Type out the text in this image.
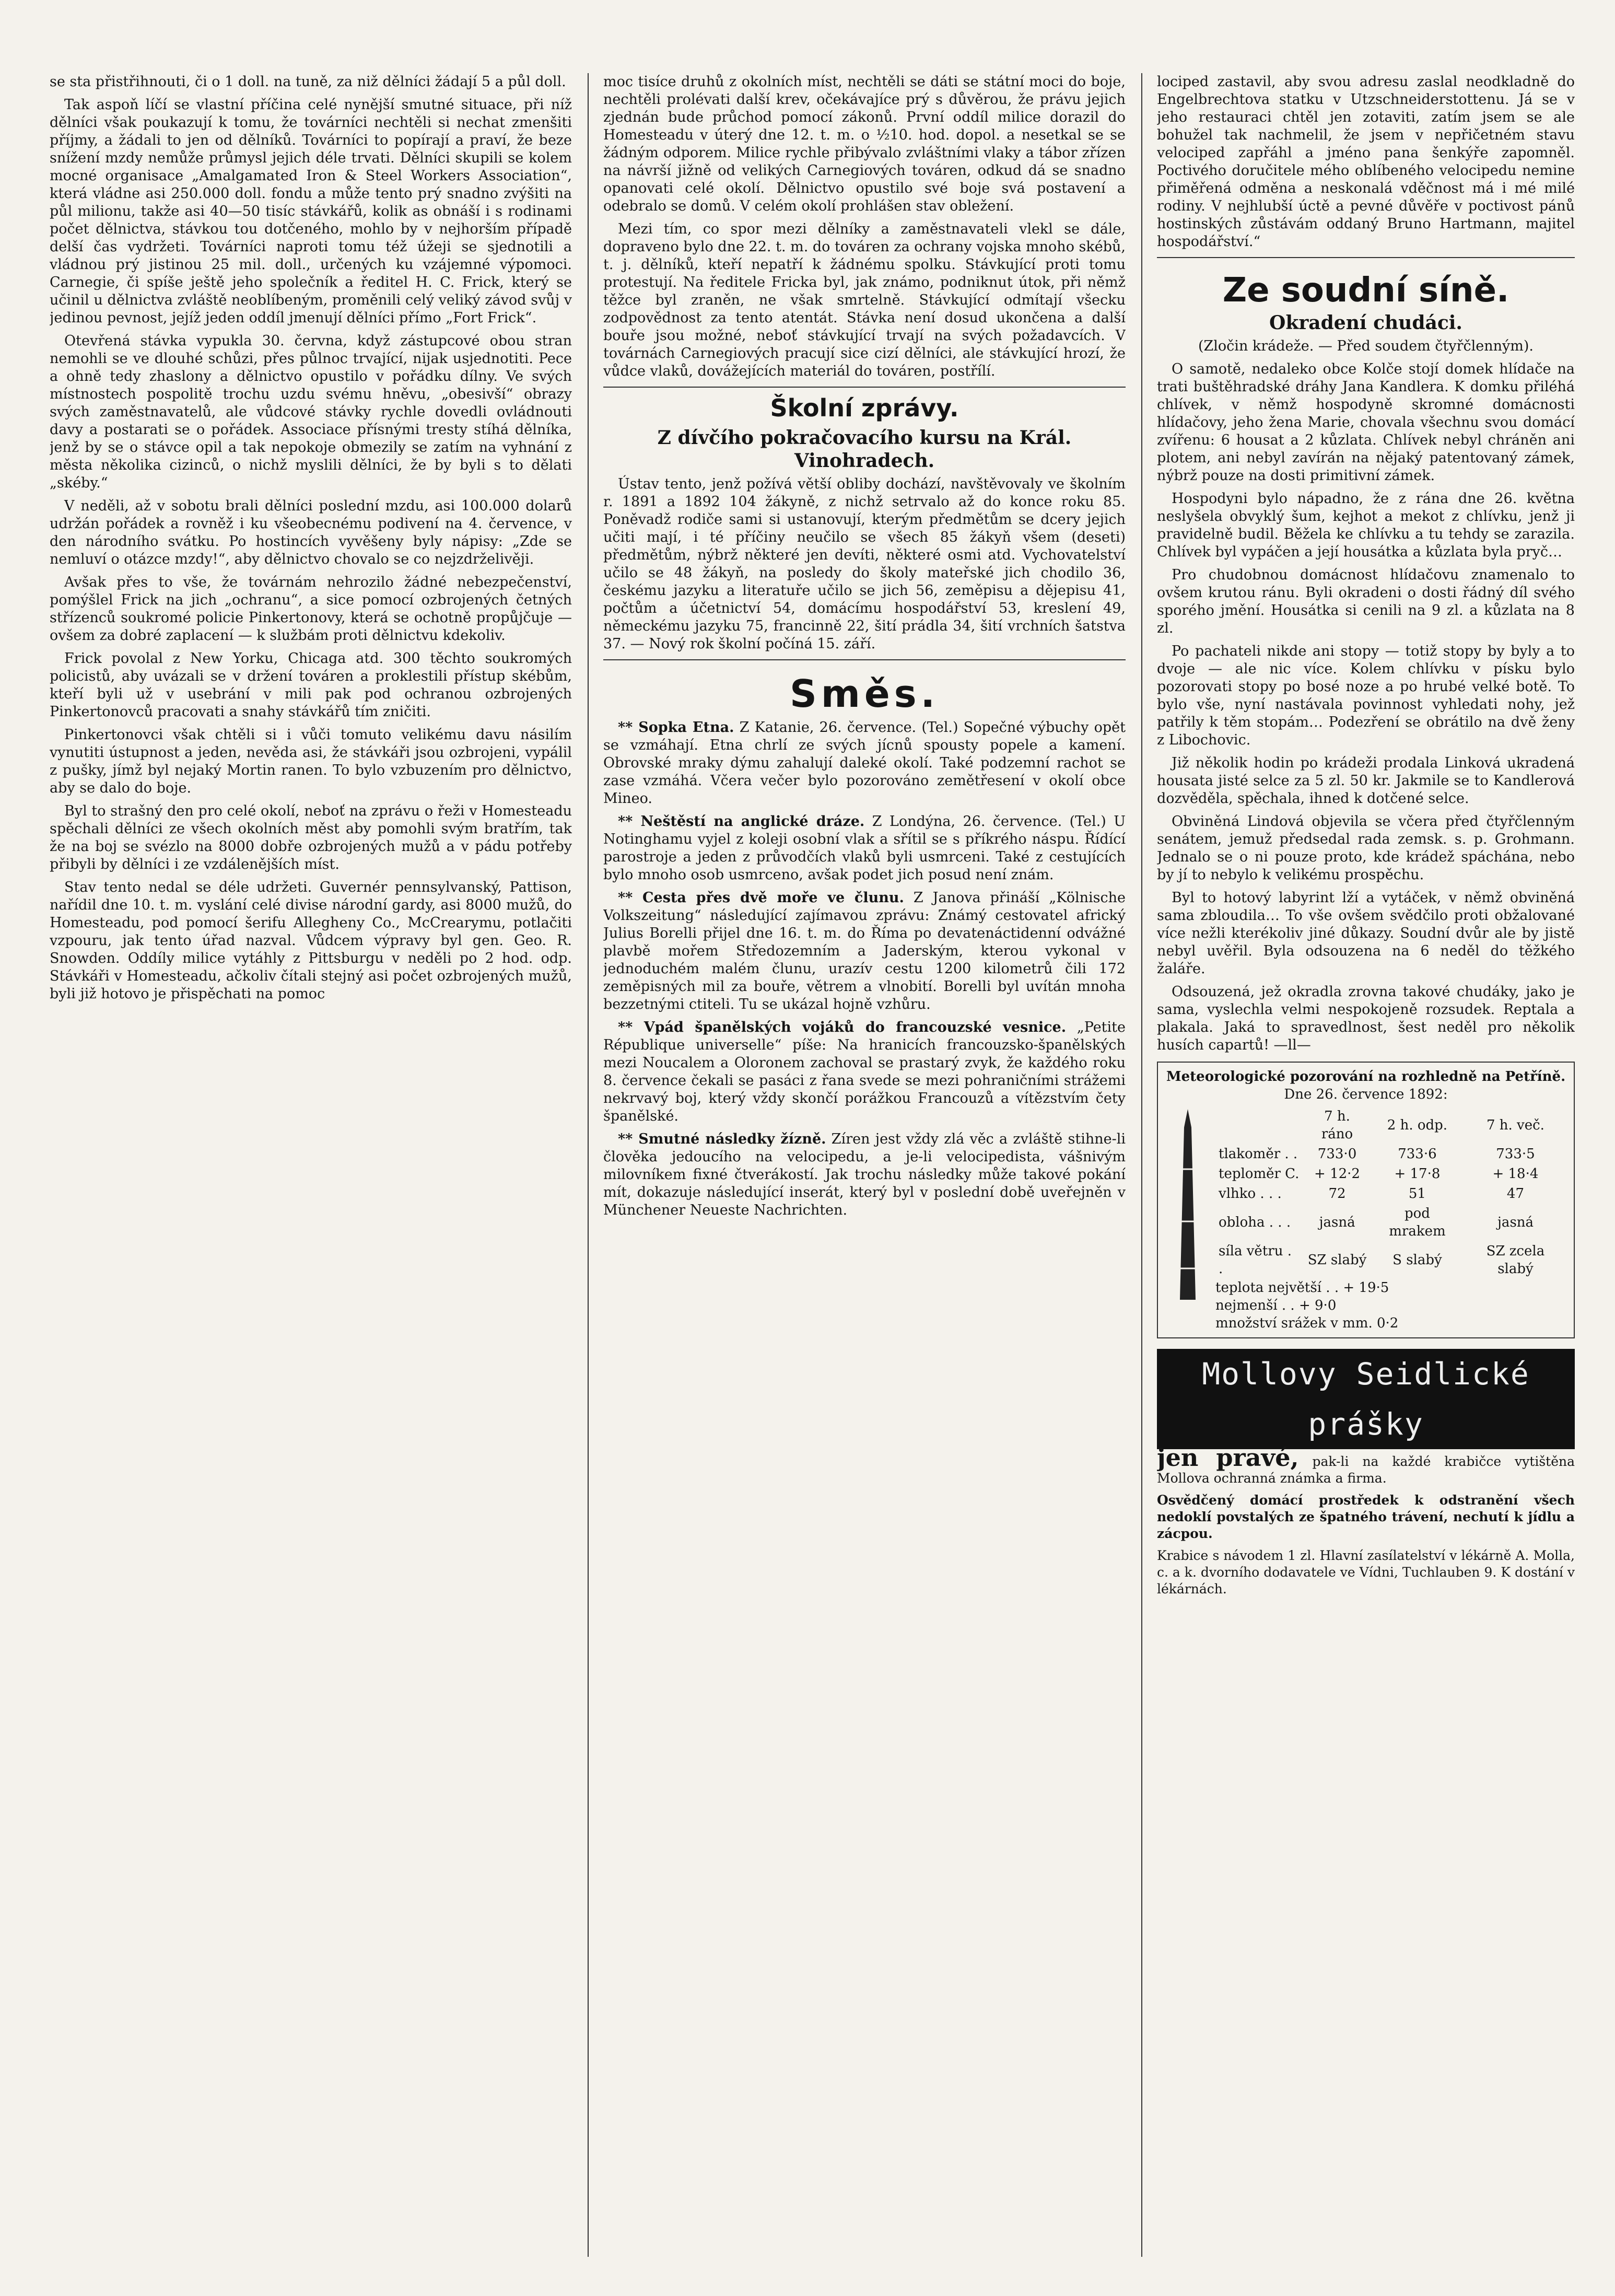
se sta přistřihnouti, či o 1 doll. na tuně, za niž dělníci žádají 5 a půl doll.

Tak aspoň líčí se vlastní příčina celé nynější smutné situace, při níž dělníci však poukazují k tomu, že továrníci nechtěli si nechat zmenšiti příjmy, a žádali to jen od dělníků. Továrníci to popírají a praví, že beze snížení mzdy nemůže průmysl jejich déle trvati. Dělníci skupili se kolem mocné organisace „Amalgamated Iron & Steel Workers Association“, která vládne asi 250.000 doll. fondu a může tento prý snadno zvýšiti na půl milionu, takže asi 40—50 tisíc stávkářů, kolik as obnáší i s rodinami počet dělnictva, stávkou tou dotčeného, mohlo by v nejhorším případě delší čas vydržeti. Továrníci naproti tomu též úžeji se sjednotili a vládnou prý jistinou 25 mil. doll., určených ku vzájemné výpomoci. Carnegie, či spíše ještě jeho společník a ředitel H. C. Frick, který se učinil u dělnictva zvláště neoblíbeným, proměnili celý veliký závod svůj v jedinou pevnost, jejíž jeden oddíl jmenují dělníci přímo „Fort Frick“.

Otevřená stávka vypukla 30. června, když zástupcové obou stran nemohli se ve dlouhé schůzi, přes půlnoc trvající, nijak usjednotiti. Pece a ohně tedy zhaslony a dělnictvo opustilo v pořádku dílny. Ve svých místnostech pospolitě trochu uzdu svému hněvu, „obesivší“ obrazy svých zaměstnavatelů, ale vůdcové stávky rychle dovedli ovládnouti davy a postarati se o pořádek. Associace přísnými tresty stíhá dělníka, jenž by se o stávce opil a tak nepokoje obmezily se zatím na vyhnání z města několika cizinců, o nichž myslili dělníci, že by byli s to dělati „skéby.“

V neděli, až v sobotu brali dělníci poslední mzdu, asi 100.000 dolarů udržán pořádek a rovněž i ku všeobecnému podivení na 4. července, v den národního svátku. Po hostincích vyvěšeny byly nápisy: „Zde se nemluví o otázce mzdy!“, aby dělnictvo chovalo se co nejzdrželivěji.

Avšak přes to vše, že továrnám nehrozilo žádné nebezpečenství, pomýšlel Frick na jich „ochranu“, a sice pomocí ozbrojených četných střízenců soukromé policie Pinkertonovy, která se ochotně propůjčuje — ovšem za dobré zaplacení — k službám proti dělnictvu kdekoliv.

Frick povolal z New Yorku, Chicaga atd. 300 těchto soukromých policistů, aby uvázali se v držení továren a proklestili přístup skébům, kteří byli už v usebrání v mili pak pod ochranou ozbrojených Pinkertonovců pracovati a snahy stávkářů tím zničiti.

Pinkertonovci však chtěli si i vůči tomuto velikému davu násilím vynutiti ústupnost a jeden, nevěda asi, že stávkáři jsou ozbrojeni, vypálil z pušky, jímž byl nejaký Mortin ranen. To bylo vzbuzením pro dělnictvo, aby se dalo do boje.

Byl to strašný den pro celé okolí, neboť na zprávu o řeži v Homesteadu spěchali dělníci ze všech okolních měst aby pomohli svým bratřím, tak že na boj se svézlo na 8000 dobře ozbrojených mužů a v pádu potřeby přibyli by dělníci i ze vzdálenějších míst.

Stav tento nedal se déle udržeti. Guvernér pennsylvanský, Pattison, nařídil dne 10. t. m. vyslání celé divise národní gardy, asi 8000 mužů, do Homesteadu, pod pomocí šerifu Allegheny Co., McCrearymu, potlačiti vzpouru, jak tento úřad nazval. Vůdcem výpravy byl gen. Geo. R. Snowden. Oddíly milice vytáhly z Pittsburgu v neděli po 2 hod. odp. Stávkáři v Homesteadu, ačkoliv čítali stejný asi počet ozbrojených mužů, byli již hotovo je přispěchati na pomoc

moc tisíce druhů z okolních míst, nechtěli se dáti se státní moci do boje, nechtěli prolévati další krev, očekávajíce prý s důvěrou, že právu jejich zjednán bude průchod pomocí zákonů. První oddíl milice dorazil do Homesteadu v úterý dne 12. t. m. o ½10. hod. dopol. a nesetkal se se žádným odporem. Milice rychle přibývalo zvláštními vlaky a tábor zřízen na návrší jižně od velikých Carnegiových továren, odkud dá se snadno opanovati celé okolí. Dělnictvo opustilo své boje svá postavení a odebralo se domů. V celém okolí prohlášen stav obležení.

Mezi tím, co spor mezi dělníky a zaměstnavateli vlekl se dále, dopraveno bylo dne 22. t. m. do továren za ochrany vojska mnoho skébů, t. j. dělníků, kteří nepatří k žádnému spolku. Stávkující proti tomu protestují. Na ředitele Fricka byl, jak známo, podniknut útok, při němž těžce byl zraněn, ne však smrtelně. Stávkující odmítají všecku zodpovědnost za tento atentát. Stávka není dosud ukončena a další bouře jsou možné, neboť stávkující trvají na svých požadavcích. V továrnách Carnegiových pracují sice cizí dělníci, ale stávkující hrozí, že vůdce vlaků, dovážejících materiál do továren, postřílí.

Školní zprávy.
Z dívčího pokračovacího kursu na Král. Vinohradech.

Ústav tento, jenž požívá větší obliby dochází, navštěvovaly ve školním r. 1891 a 1892 104 žákyně, z nichž setrvalo až do konce roku 85. Poněvadž rodiče sami si ustanovují, kterým předmětům se dcery jejich učiti mají, i té příčiny neučilo se všech 85 žákyň všem (deseti) předmětům, nýbrž některé jen devíti, některé osmi atd. Vychovatelství učilo se 48 žákyň, na posledy do školy mateřské jich chodilo 36, českému jazyku a literatuře učilo se jich 56, zeměpisu a dějepisu 41, počtům a účetnictví 54, domácímu hospodářství 53, kreslení 49, německému jazyku 75, francinně 22, šití prádla 34, šití vrchních šatstva 37. — Nový rok školní počíná 15. září.

Směs.

** Sopka Etna. Z Katanie, 26. července. (Tel.) Sopečné výbuchy opět se vzmáhají. Etna chrlí ze svých jícnů spousty popele a kamení. Obrovské mraky dýmu zahalují daleké okolí. Také podzemní rachot se zase vzmáhá. Včera večer bylo pozorováno zemětřesení v okolí obce Mineo.

** Neštěstí na anglické dráze. Z Londýna, 26. července. (Tel.) U Notinghamu vyjel z koleji osobní vlak a sřítil se s příkrého náspu. Řídící parostroje a jeden z průvodčích vlaků byli usmrceni. Také z cestujících bylo mnoho osob usmrceno, avšak podet jich posud není znám.

** Cesta přes dvě moře ve člunu. Z Janova přináší „Kölnische Volkszeitung“ následující zajímavou zprávu: Známý cestovatel africký Julius Borelli přijel dne 16. t. m. do Říma po devatenáctidenní odvážné plavbě mořem Středozemním a Jaderským, kterou vykonal v jednoduchém malém člunu, urazív cestu 1200 kilometrů čili 172 zeměpisných mil za bouře, větrem a vlnobití. Borelli byl uvítán mnoha bezzetnými ctiteli. Tu se ukázal hojně vzhůru.

** Vpád španělských vojáků do francouzské vesnice. „Petite République universelle“ píše: Na hranicích francouzsko-španělských mezi Noucalem a Oloronem zachoval se prastarý zvyk, že každého roku 8. července čekali se pasáci z řana svede se mezi pohraničními strážemi nekrvavý boj, který vždy skončí porážkou Francouzů a vítězstvím čety španělské.

** Smutné následky žízně. Zíren jest vždy zlá věc a zvláště stihne-li člověka jedoucího na velocipedu, a je-li velocipedista, vášnivým milovníkem fixné čtverákostí. Jak trochu následky může takové pokání mít, dokazuje následující inserát, který byl v poslední době uveřejněn v Münchener Neueste Nachrichten.

lociped zastavil, aby svou adresu zaslal neodkladně do Engelbrechtova statku v Utzschneiderstottenu. Já se v jeho restauraci chtěl jen zotaviti, zatím jsem se ale bohužel tak nachmelil, že jsem v nepřičetném stavu velociped zapřáhl a jméno pana šenkýře zapomněl. Poctivého doručitele mého oblíbeného velocipedu nemine přiměřená odměna a neskonalá vděčnost má i mé milé rodiny. V nejhlubší úctě a pevné důvěře v poctivost pánů hostinských zůstávám oddaný Bruno Hartmann, majitel hospodářství.“

Ze soudní síně.
Okradení chudáci.

(Zločin krádeže. — Před soudem čtyřčlenným).

O samotě, nedaleko obce Kolče stojí domek hlídače na trati buštěhradské dráhy Jana Kandlera. K domku přiléhá chlívek, v němž hospodyně skromné domácnosti hlídačovy, jeho žena Marie, chovala všechnu svou domácí zvířenu: 6 housat a 2 kůzlata. Chlívek nebyl chráněn ani plotem, ani nebyl zavírán na nějaký patentovaný zámek, nýbrž pouze na dosti primitivní zámek.

Hospodyni bylo nápadno, že z rána dne 26. května neslyšela obvyklý šum, kejhot a mekot z chlívku, jenž ji pravidelně budil. Běžela ke chlívku a tu tehdy se zarazila. Chlívek byl vypáčen a její housátka a kůzlata byla pryč…

Pro chudobnou domácnost hlídačovu znamenalo to ovšem krutou ránu. Byli okradeni o dosti řádný díl svého sporého jmění. Housátka si cenili na 9 zl. a kůzlata na 8 zl.

Po pachateli nikde ani stopy — totiž stopy by byly a to dvoje — ale nic více. Kolem chlívku v písku bylo pozorovati stopy po bosé noze a po hrubé velké botě. To bylo vše, nyní nastávala povinnost vyhledati nohy, jež patřily k těm stopám… Podezření se obrátilo na dvě ženy z Libochovic.

Již několik hodin po krádeži prodala Linková ukradená housata jisté selce za 5 zl. 50 kr. Jakmile se to Kandlerová dozvěděla, spěchala, ihned k dotčené selce.

Obviněná Lindová objevila se včera před čtyřčlenným senátem, jemuž předsedal rada zemsk. s. p. Grohmann. Jednalo se o ni pouze proto, kde krádež spáchána, nebo by jí to nebylo k velikému prospěchu.

Byl to hotový labyrint lží a vytáček, v němž obviněná sama zbloudila… To vše ovšem svědčilo proti obžalované více nežli kterékoliv jiné důkazy. Soudní dvůr ale by jistě nebyl uvěřil. Byla odsouzena na 6 neděl do těžkého žaláře.

Odsouzená, jež okradla zrovna takové chudáky, jako je sama, vyslechla velmi nespokojeně rozsudek. Reptala a plakala. Jaká to spravedlnost, šest neděl pro několik husích capartů! —ll—

Meteorologické pozorování na rozhledně na Petříně.
Dne 26. července 1892:
	7 h. ráno	2 h. odp.	7 h. več.
tlakoměr . .	733·0	733·6	733·5
teploměr C.	+ 12·2	+ 17·8	+ 18·4
vlhko . . .	72	51	47
obloha . . .	jasná	pod mrakem	jasná
síla větru . .	SZ slabý	S slabý	SZ zcela slabý
teplota největší . . + 19·5
nejmenší . . + 9·0
množství srážek v mm. 0·2
Mollovy Seidlické prášky

jen pravé, pak-li na každé krabičce vytištěna Mollova ochranná známka a firma.

Osvědčený domácí prostředek k odstranění všech nedoklí povstalých ze špatného trávení, nechutí k jídlu a zácpou.

Krabice s návodem 1 zl. Hlavní zasílatelství v lékárně A. Molla, c. a k. dvorního dodavatele ve Vídni, Tuchlauben 9. K dostání v lékárnách.
